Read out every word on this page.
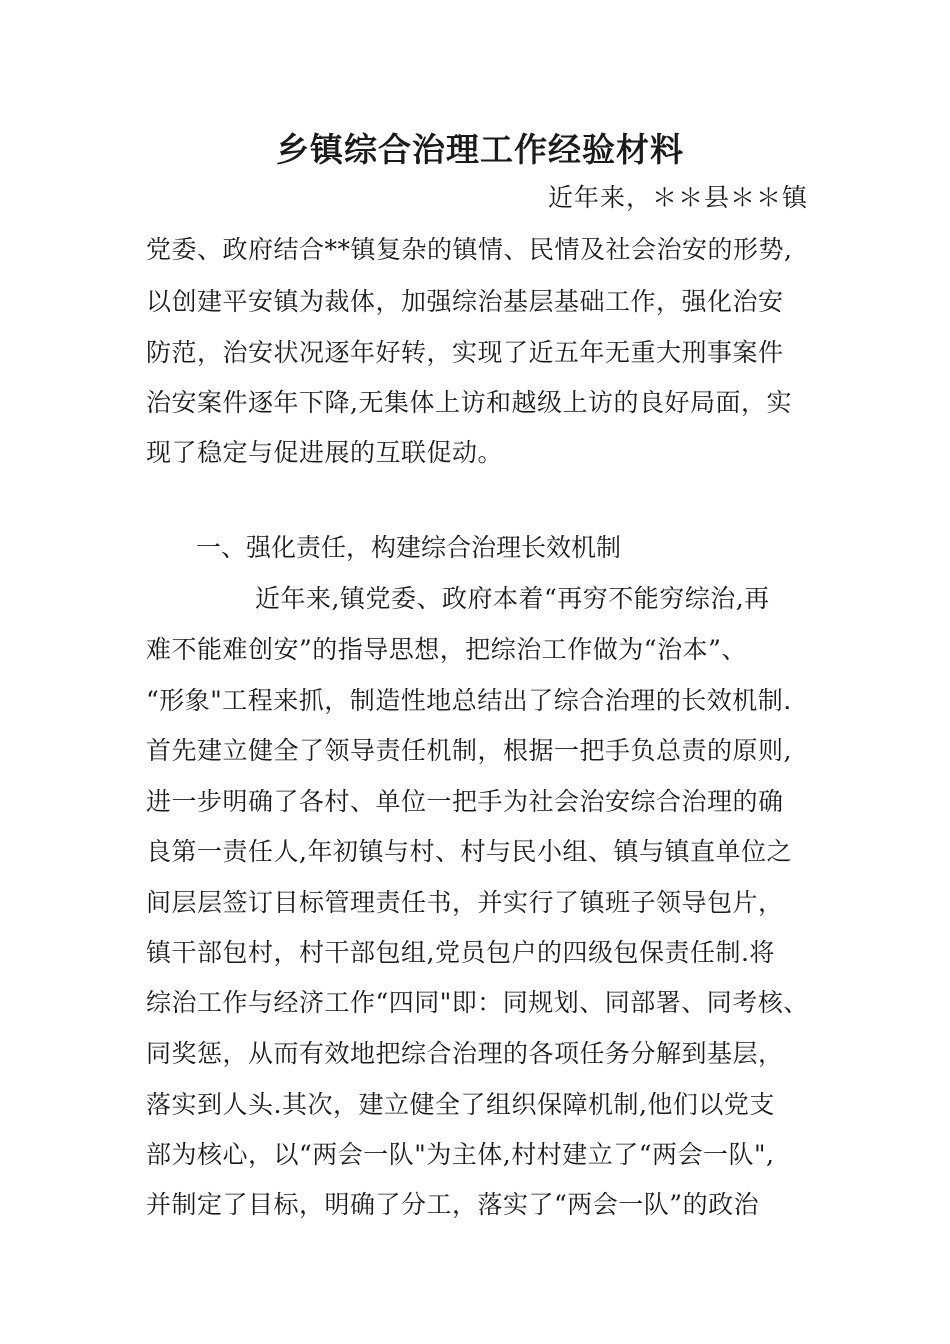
乡镇综合治理工作经验材料
近年来，＊＊县＊＊镇
党委、政府结合**镇复杂的镇情、民情及社会治安的形势,
以创建平安镇为裁体，加强综治基层基础工作，强化治安
防范，治安状况逐年好转，实现了近五年无重大刑事案件
治安案件逐年下降,无集体上访和越级上访的良好局面，实
现了稳定与促进展的互联促动。
一、强化责任，构建综合治理长效机制
近年来,镇党委、政府本着“再穷不能穷综治,再
难不能难创安”的指导思想，把综治工作做为“治本”、
“形象"工程来抓，制造性地总结出了综合治理的长效机制.
首先建立健全了领导责任机制，根据一把手负总责的原则,
进一步明确了各村、单位一把手为社会治安综合治理的确
良第一责任人,年初镇与村、村与民小组、镇与镇直单位之
间层层签订目标管理责任书，并实行了镇班子领导包片，
镇干部包村，村干部包组,党员包户的四级包保责任制.将
综治工作与经济工作“四同"即：同规划、同部署、同考核、
同奖惩，从而有效地把综合治理的各项任务分解到基层，
落实到人头.其次，建立健全了组织保障机制,他们以党支
部为核心，以“两会一队"为主体,村村建立了“两会一队",
并制定了目标，明确了分工，落实了“两会一队”的政治
